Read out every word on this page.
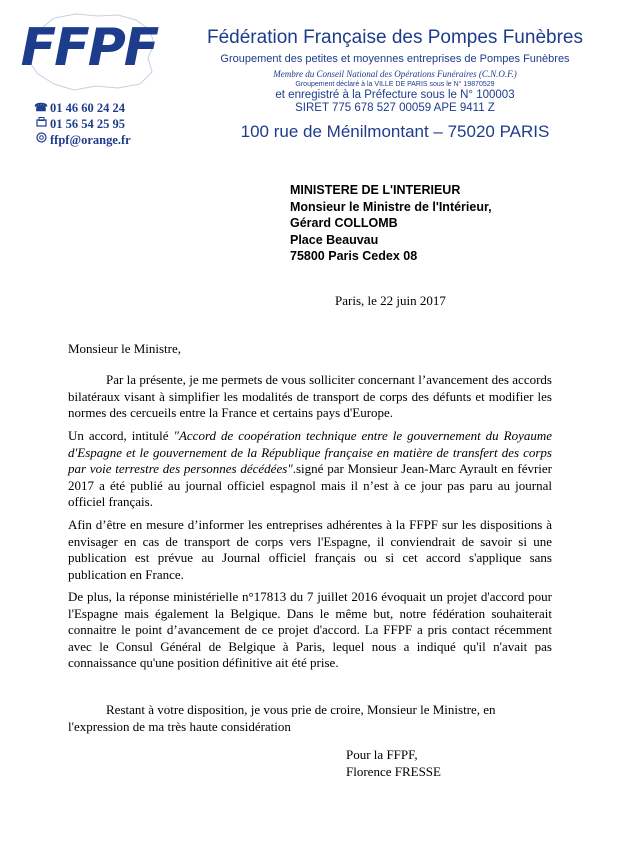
FFPF
☎ 01 46 60 24 24
01 56 54 25 95
ffpf@orange.fr
Fédération Française des Pompes Funèbres
Groupement des petites et moyennes entreprises de Pompes Funèbres
Membre du Conseil National des Opérations Funéraires (C.N.O.F.)
Groupement déclaré à la VILLE DE PARIS sous le N° 19870529
et enregistré à la Préfecture sous le N° 100003
SIRET 775 678 527 00059 APE 9411 Z
100 rue de Ménilmontant – 75020 PARIS
MINISTERE DE L'INTERIEUR
Monsieur le Ministre de l'Intérieur,
Gérard COLLOMB
Place Beauvau
75800 Paris Cedex 08
Paris, le 22 juin 2017
Monsieur le Ministre,
Par la présente, je me permets de vous solliciter concernant l’avancement des accords bilatéraux visant à simplifier les modalités de transport de corps des défunts et modifier les normes des cercueils entre la France et certains pays d'Europe.
Un accord, intitulé "Accord de coopération technique entre le gouvernement du Royaume d'Espagne et le gouvernement de la République française en matière de transfert des corps par voie terrestre des personnes décédées".signé par Monsieur Jean-Marc Ayrault en février 2017 a été publié au journal officiel espagnol mais il n’est à ce jour pas paru au journal officiel français.
Afin d’être en mesure d’informer les entreprises adhérentes à la FFPF sur les dispositions à envisager en cas de transport de corps vers l'Espagne, il conviendrait de savoir si une publication est prévue au Journal officiel français ou si cet accord s'applique sans publication en France.
De plus, la réponse ministérielle n°17813 du 7 juillet 2016 évoquait un projet d'accord pour l'Espagne mais également la Belgique. Dans le même but, notre fédération souhaiterait connaitre le point d’avancement de ce projet d'accord. La FFPF a pris contact récemment avec le Consul Général de Belgique à Paris, lequel nous a indiqué qu'il n'avait pas connaissance qu'une position définitive ait été prise.
Restant à votre disposition, je vous prie de croire, Monsieur le Ministre, en l'expression de ma très haute considération
Pour la FFPF,
Florence FRESSE
